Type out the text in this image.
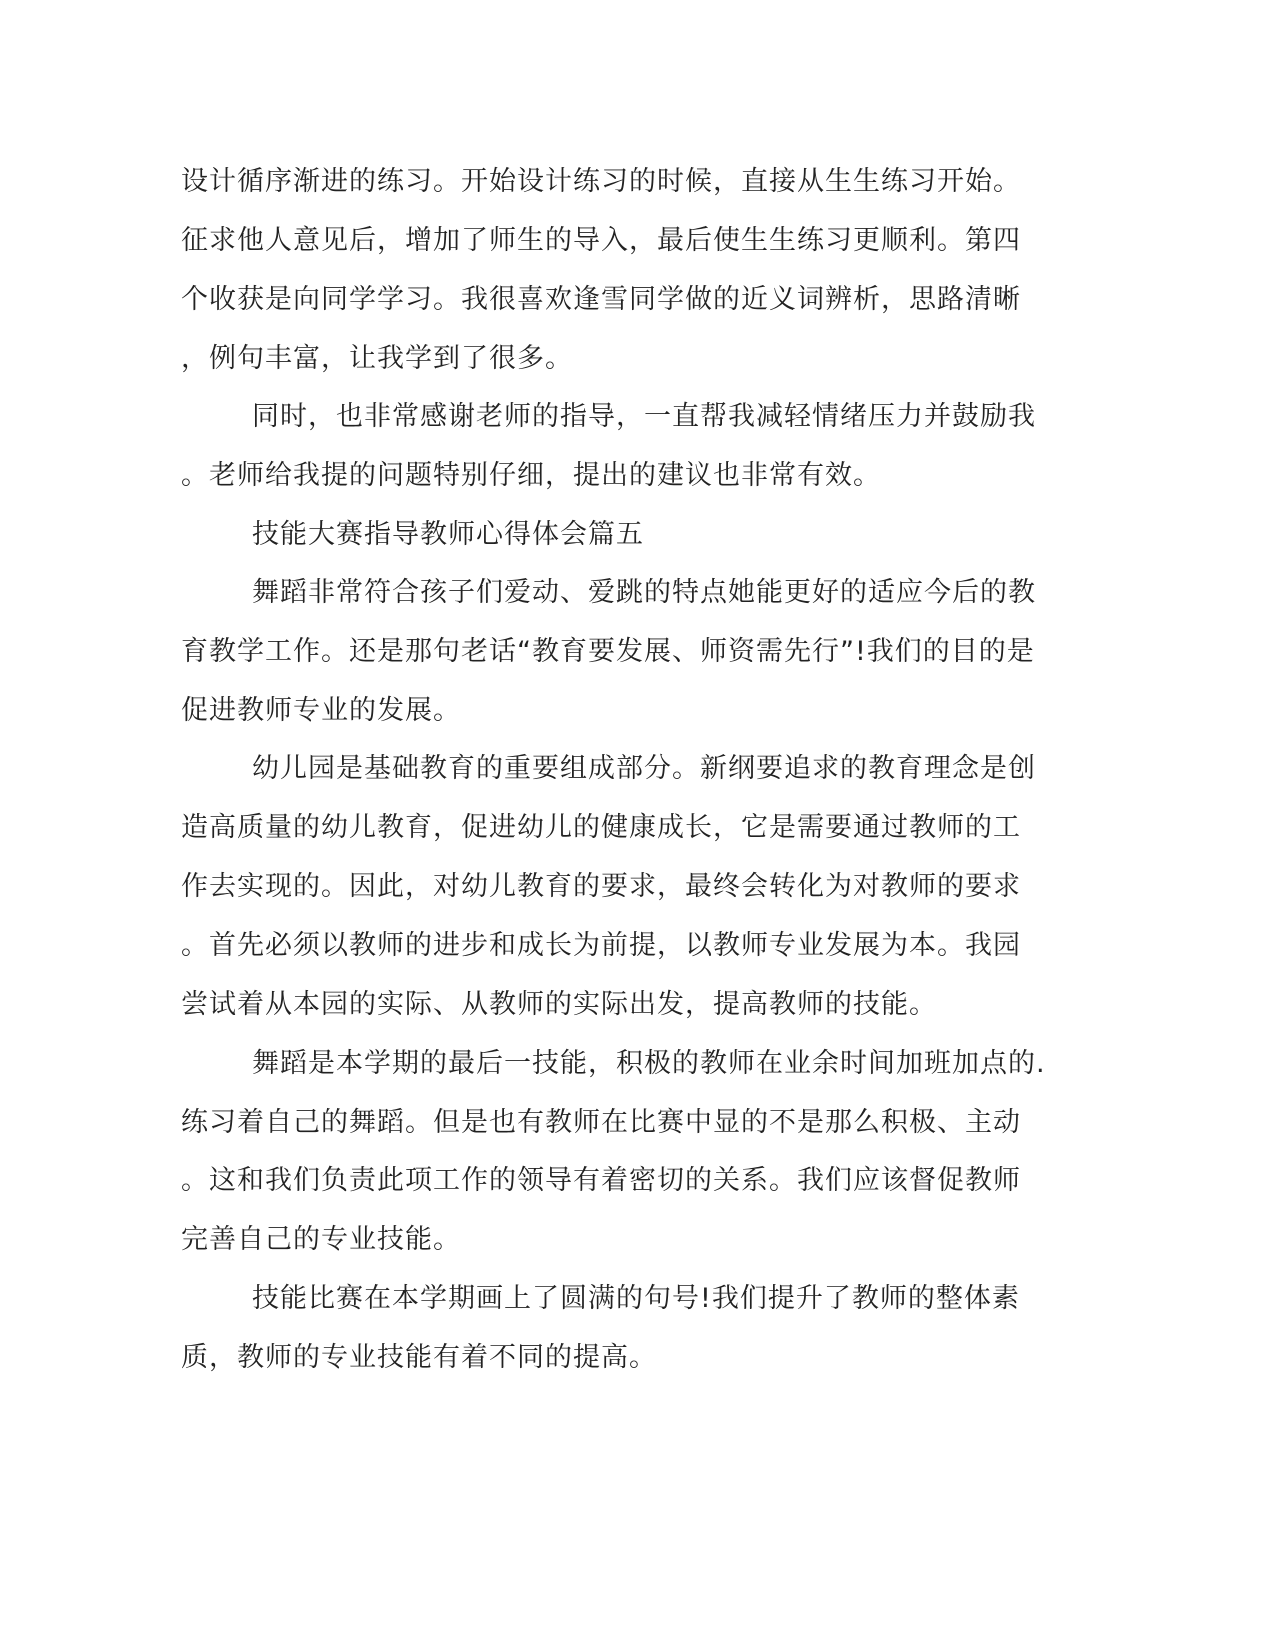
设计循序渐进的练习。开始设计练习的时候，直接从生生练习开始。
征求他人意见后，增加了师生的导入，最后使生生练习更顺利。第四
个收获是向同学学习。我很喜欢逢雪同学做的近义词辨析，思路清晰
，例句丰富，让我学到了很多。
同时，也非常感谢老师的指导，一直帮我减轻情绪压力并鼓励我
。老师给我提的问题特别仔细，提出的建议也非常有效。
技能大赛指导教师心得体会篇五
舞蹈非常符合孩子们爱动、爱跳的特点她能更好的适应今后的教
育教学工作。还是那句老话“教育要发展、师资需先行”!我们的目的是
促进教师专业的发展。
幼儿园是基础教育的重要组成部分。新纲要追求的教育理念是创
造高质量的幼儿教育，促进幼儿的健康成长，它是需要通过教师的工
作去实现的。因此，对幼儿教育的要求，最终会转化为对教师的要求
。首先必须以教师的进步和成长为前提，以教师专业发展为本。我园
尝试着从本园的实际、从教师的实际出发，提高教师的技能。
舞蹈是本学期的最后一技能，积极的教师在业余时间加班加点的.
练习着自己的舞蹈。但是也有教师在比赛中显的不是那么积极、主动
。这和我们负责此项工作的领导有着密切的关系。我们应该督促教师
完善自己的专业技能。
技能比赛在本学期画上了圆满的句号!我们提升了教师的整体素
质，教师的专业技能有着不同的提高。
